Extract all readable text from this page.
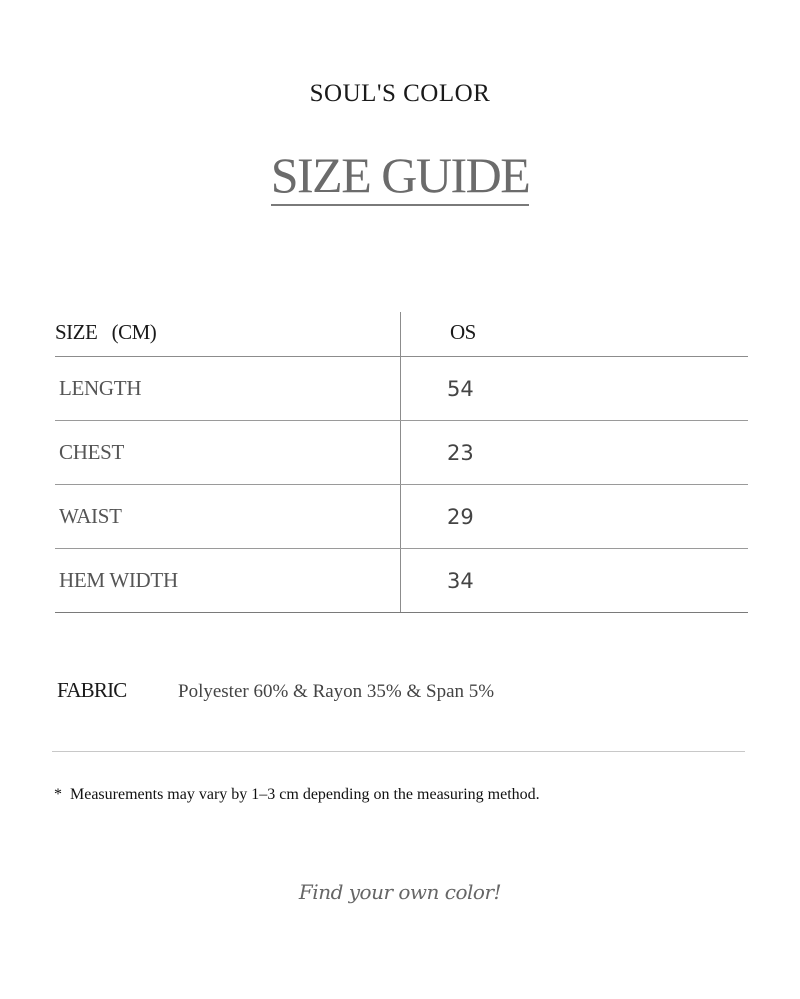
SOUL'S COLOR
SIZE GUIDE
SIZE   (CM)	OS
LENGTH	54
CHEST	23
WAIST	29
HEM WIDTH	34
FABRIC	Polyester 60% & Rayon 35% & Span 5%
* Measurements may vary by 1–3 cm depending on the measuring method.
Find your own color!
